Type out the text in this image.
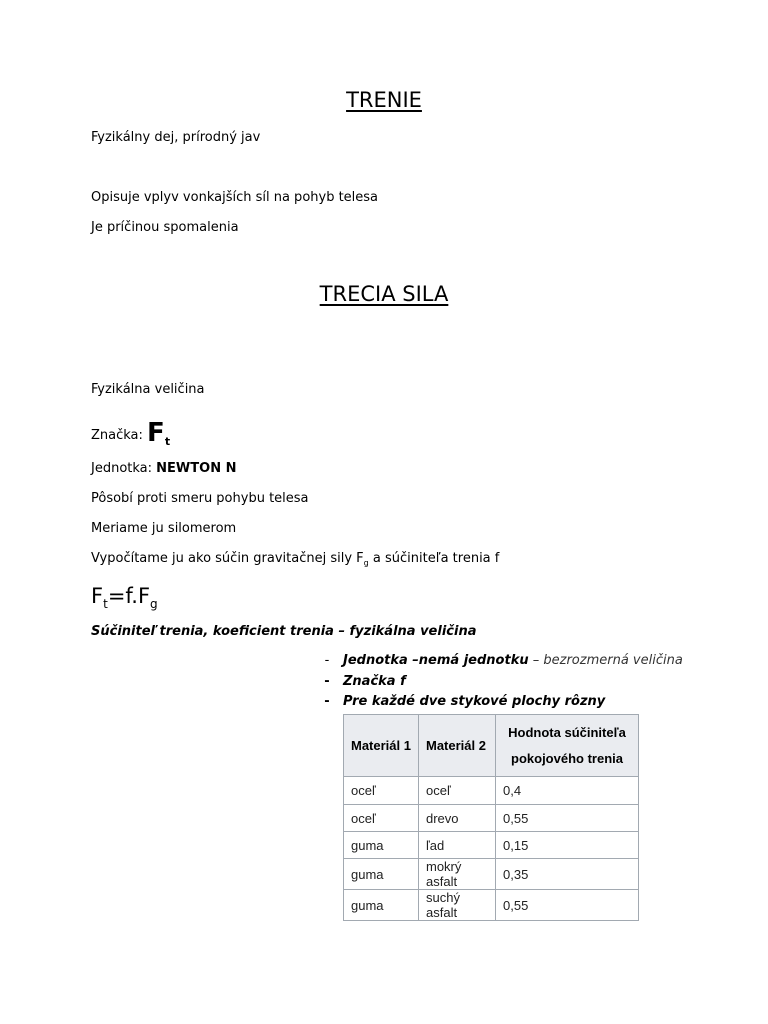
TRENIE
Fyzikálny dej, prírodný jav
Opisuje vplyv vonkajších síl na pohyb telesa
Je príčinou spomalenia
TRECIA SILA
Fyzikálna veličina
Značka: $F_t$
Jednotka: NEWTON N
Pôsobí proti smeru pohybu telesa
Meriame ju silomerom
Vypočítame ju ako súčin gravitačnej sily $F_g$ a súčiniteľa trenia f
$F_t=f.F_g$
Súčiniteľ trenia, koeficient trenia – fyzikálna veličina
-	Jednotka –nemá jednotku – bezrozmerná veličina
-	Značka f
-	Pre každé dve stykové plochy rôzny
Materiál 1	Materiál 2	Hodnota súčiniteľa pokojového trenia
oceľ	oceľ	0,4
oceľ	drevo	0,55
guma	ľad	0,15
guma	mokrý asfalt	0,35
guma	suchý asfalt	0,55
